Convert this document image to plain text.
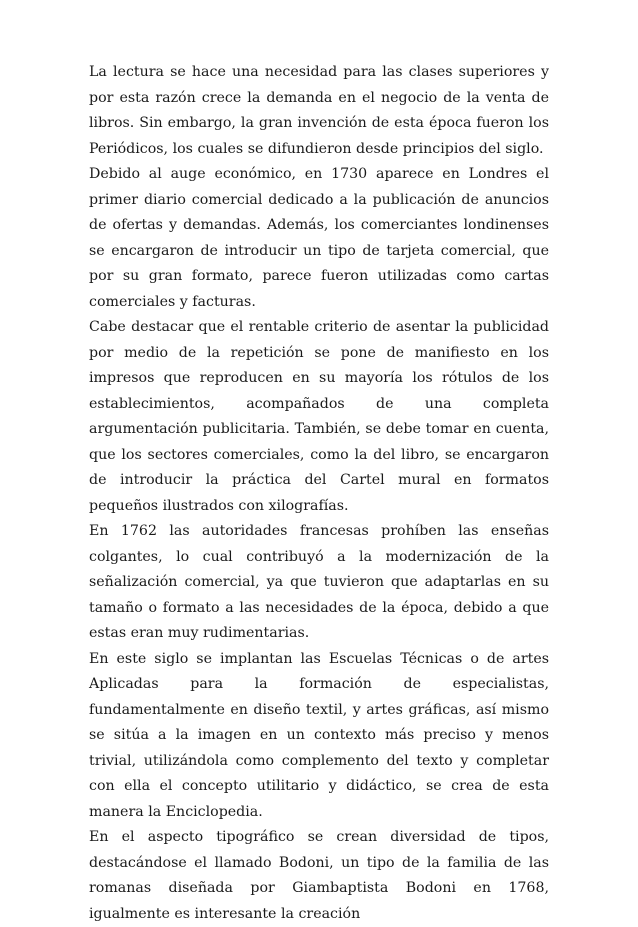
La lectura se hace una necesidad para las clases superiores y por esta razón crece la demanda en el negocio de la venta de libros. Sin embargo, la gran invención de esta época fueron los Periódicos, los cuales se difundieron desde principios del siglo.

Debido al auge económico, en 1730 aparece en Londres el primer diario comercial dedicado a la publicación de anuncios de ofertas y demandas. Además, los comerciantes londinenses se encargaron de introducir un tipo de tarjeta comercial, que por su gran formato, parece fueron utilizadas como cartas comerciales y facturas.

Cabe destacar que el rentable criterio de asentar la publicidad por medio de la repetición se pone de manifiesto en los impresos que reproducen en su mayoría los rótulos de los establecimientos, acompañados de una completa argumentación publicitaria. También, se debe tomar en cuenta, que los sectores comerciales, como la del libro, se encargaron de introducir la práctica del Cartel mural en formatos pequeños ilustrados con xilografías.

En 1762 las autoridades francesas prohíben las enseñas colgantes, lo cual contribuyó a la modernización de la señalización comercial, ya que tuvieron que adaptarlas en su tamaño o formato a las necesidades de la época, debido a que estas eran muy rudimentarias.

En este siglo se implantan las Escuelas Técnicas o de artes Aplicadas para la formación de especialistas, fundamentalmente en diseño textil, y artes gráficas, así mismo se sitúa a la imagen en un contexto más preciso y menos trivial, utilizándola como complemento del texto y completar con ella el concepto utilitario y didáctico, se crea de esta manera la Enciclopedia.

En el aspecto tipográfico se crean diversidad de tipos, destacándose el llamado Bodoni, un tipo de la familia de las romanas diseñada por Giambaptista Bodoni en 1768, igualmente es interesante la creación
